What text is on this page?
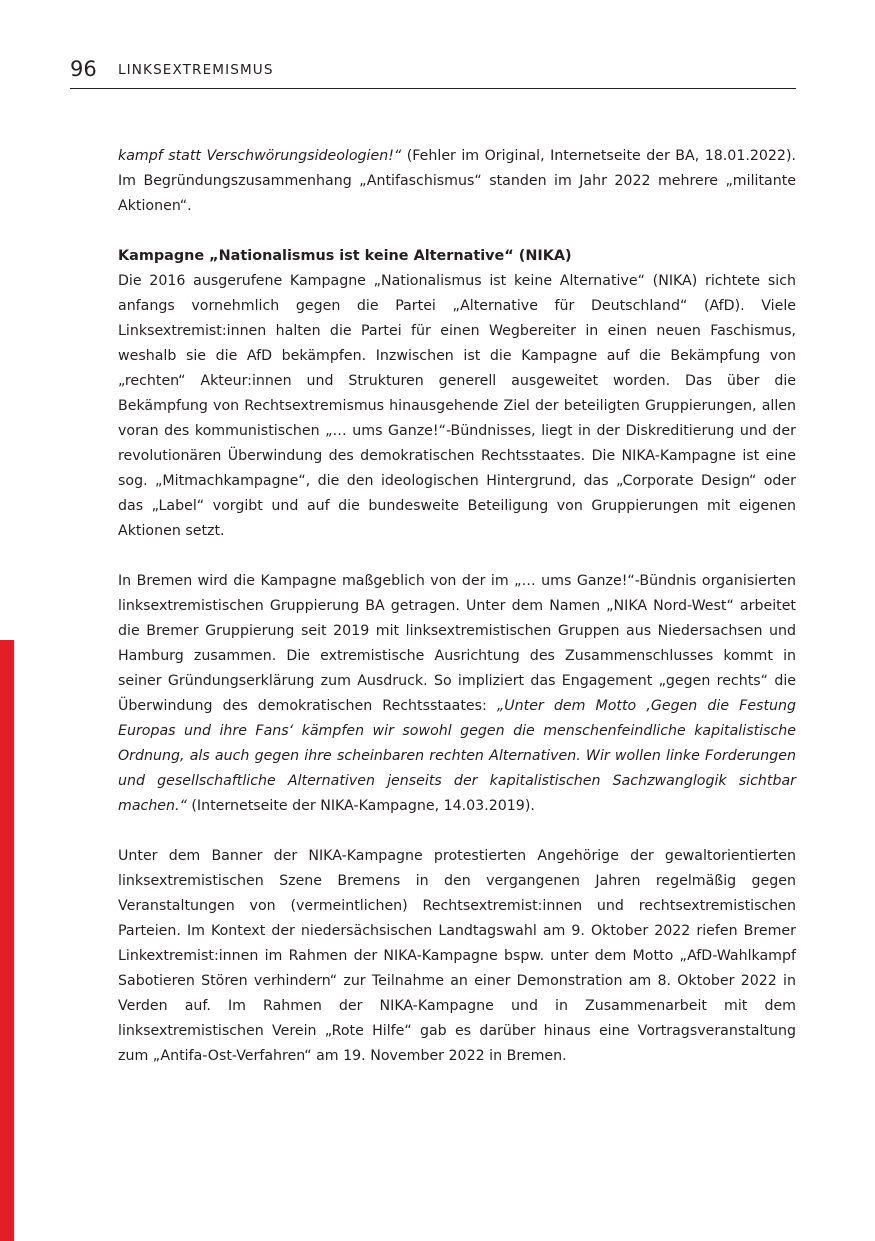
96 LINKSEXTREMISMUS

kampf statt Verschwörungsideologien!“ (Fehler im Original, Internetseite der BA, 18.01.2022). Im Begründungszusammenhang „Antifaschismus“ standen im Jahr 2022 mehrere „militante Aktionen“.

Kampagne „Nationalismus ist keine Alternative“ (NIKA)

Die 2016 ausgerufene Kampagne „Nationalismus ist keine Alternative“ (NIKA) richtete sich anfangs vornehmlich gegen die Partei „Alternative für Deutschland“ (AfD). Viele Linksextremist:innen halten die Partei für einen Wegbereiter in einen neuen Faschismus, weshalb sie die AfD bekämpfen. Inzwischen ist die Kampagne auf die Bekämpfung von „rechten“ Akteur:innen und Strukturen generell ausgeweitet worden. Das über die Bekämpfung von Rechtsextremismus hinausgehende Ziel der beteiligten Gruppierungen, allen voran des kommunistischen „… ums Ganze!“-Bündnisses, liegt in der Diskreditierung und der revolutionären Überwindung des demokratischen Rechtsstaates. Die NIKA-Kampagne ist eine sog. „Mitmachkampagne“, die den ideologischen Hintergrund, das „Corporate Design“ oder das „Label“ vorgibt und auf die bundesweite Beteiligung von Gruppierungen mit eigenen Aktionen setzt.

In Bremen wird die Kampagne maßgeblich von der im „… ums Ganze!“-Bündnis organisierten linksextremistischen Gruppierung BA getragen. Unter dem Namen „NIKA Nord-West“ arbeitet die Bremer Gruppierung seit 2019 mit linksextremistischen Gruppen aus Niedersachsen und Hamburg zusammen. Die extremistische Ausrichtung des Zusammenschlusses kommt in seiner Gründungserklärung zum Ausdruck. So impliziert das Engagement „gegen rechts“ die Überwindung des demokratischen Rechtsstaates: „Unter dem Motto ‚Gegen die Festung Europas und ihre Fans‘ kämpfen wir sowohl gegen die menschenfeindliche kapitalistische Ordnung, als auch gegen ihre scheinbaren rechten Alternativen. Wir wollen linke Forderungen und gesellschaftliche Alternativen jenseits der kapitalistischen Sachzwanglogik sichtbar machen.“ (Internetseite der NIKA-Kampagne, 14.03.2019).

Unter dem Banner der NIKA-Kampagne protestierten Angehörige der gewaltorientierten linksextremistischen Szene Bremens in den vergangenen Jahren regelmäßig gegen Veranstaltungen von (vermeintlichen) Rechtsextremist:innen und rechtsextremistischen Parteien. Im Kontext der niedersächsischen Landtagswahl am 9. Oktober 2022 riefen Bremer Linkextremist:innen im Rahmen der NIKA-Kampagne bspw. unter dem Motto „AfD-Wahlkampf Sabotieren Stören verhindern“ zur Teilnahme an einer Demonstration am 8. Oktober 2022 in Verden auf. Im Rahmen der NIKA-Kampagne und in Zusammenarbeit mit dem linksextremistischen Verein „Rote Hilfe“ gab es darüber hinaus eine Vortragsveranstaltung zum „Antifa-Ost-Verfahren“ am 19. November 2022 in Bremen.
